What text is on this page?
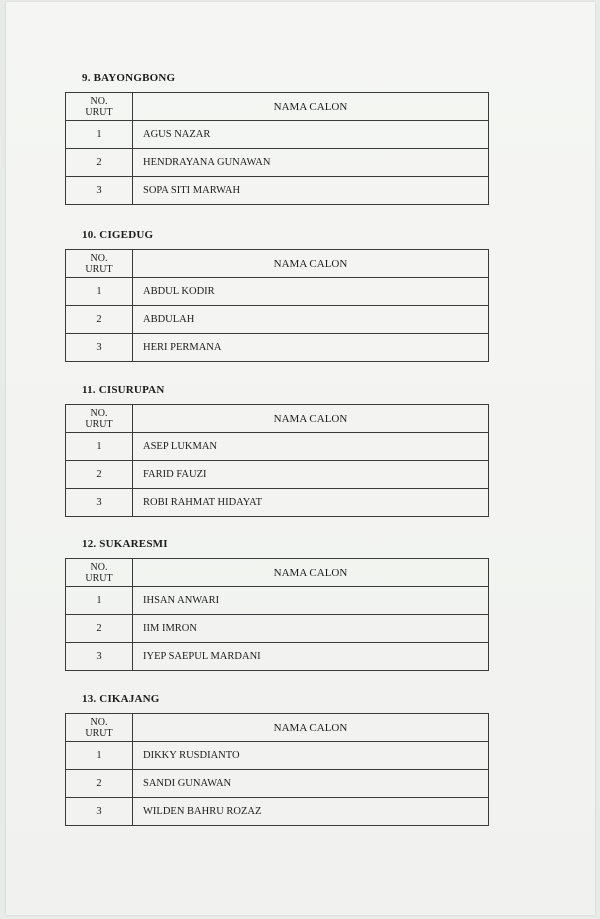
9. BAYONGBONG
NO.
URUT	NAMA CALON
1	AGUS NAZAR
2	HENDRAYANA GUNAWAN
3	SOPA SITI MARWAH
10. CIGEDUG
NO.
URUT	NAMA CALON
1	ABDUL KODIR
2	ABDULAH
3	HERI PERMANA
11. CISURUPAN
NO.
URUT	NAMA CALON
1	ASEP LUKMAN
2	FARID FAUZI
3	ROBI RAHMAT HIDAYAT
12. SUKARESMI
NO.
URUT	NAMA CALON
1	IHSAN ANWARI
2	IIM IMRON
3	IYEP SAEPUL MARDANI
13. CIKAJANG
NO.
URUT	NAMA CALON
1	DIKKY RUSDIANTO
2	SANDI GUNAWAN
3	WILDEN BAHRU ROZAZ
